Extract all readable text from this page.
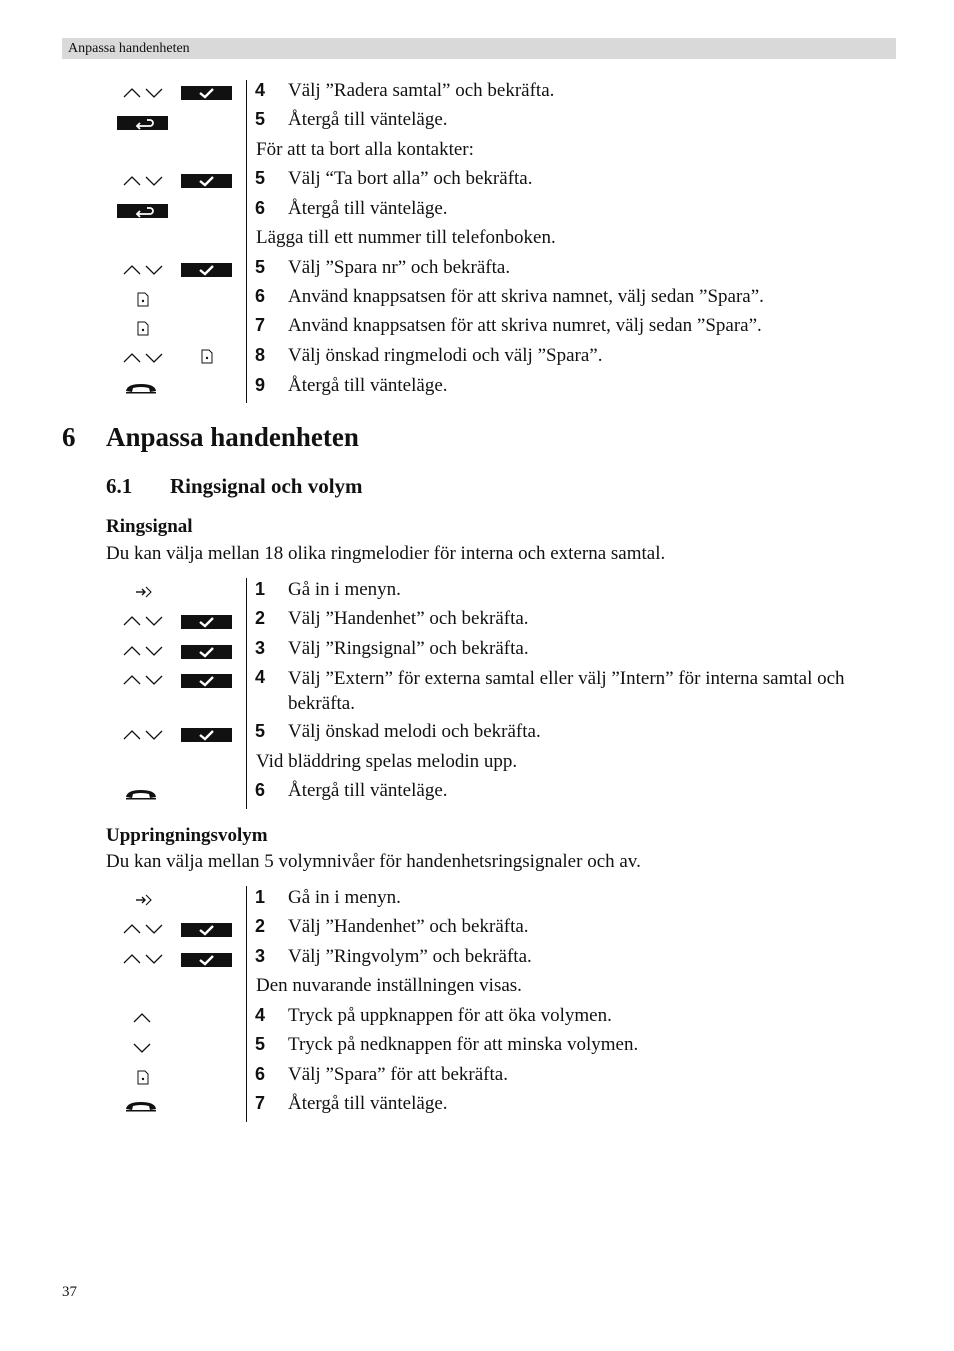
Anpassa handenheten
4 Välj ”Radera samtal” och bekräfta.
5 Återgå till vänteläge.
För att ta bort alla kontakter:
5 Välj “Ta bort alla” och bekräfta.
6 Återgå till vänteläge.
Lägga till ett nummer till telefonboken.
5 Välj ”Spara nr” och bekräfta.
6 Använd knappsatsen för att skriva namnet, välj sedan ”Spara”.
7 Använd knappsatsen för att skriva numret, välj sedan ”Spara”.
8 Välj önskad ringmelodi och välj ”Spara”.
9 Återgå till vänteläge.
6 Anpassa handenheten
6.1 Ringsignal och volym
Ringsignal
Du kan välja mellan 18 olika ringmelodier för interna och externa samtal.
1 Gå in i menyn.
2 Välj ”Handenhet” och bekräfta.
3 Välj ”Ringsignal” och bekräfta.
4 Välj ”Extern” för externa samtal eller välj ”Intern” för interna samtal och bekräfta.
5 Välj önskad melodi och bekräfta.
Vid bläddring spelas melodin upp.
6 Återgå till vänteläge.
Uppringningsvolym
Du kan välja mellan 5 volymnivåer för handenhetsringsignaler och av.
1 Gå in i menyn.
2 Välj ”Handenhet” och bekräfta.
3 Välj ”Ringvolym” och bekräfta.
Den nuvarande inställningen visas.
4 Tryck på uppknappen för att öka volymen.
5 Tryck på nedknappen för att minska volymen.
6 Välj ”Spara” för att bekräfta.
7 Återgå till vänteläge.
37
